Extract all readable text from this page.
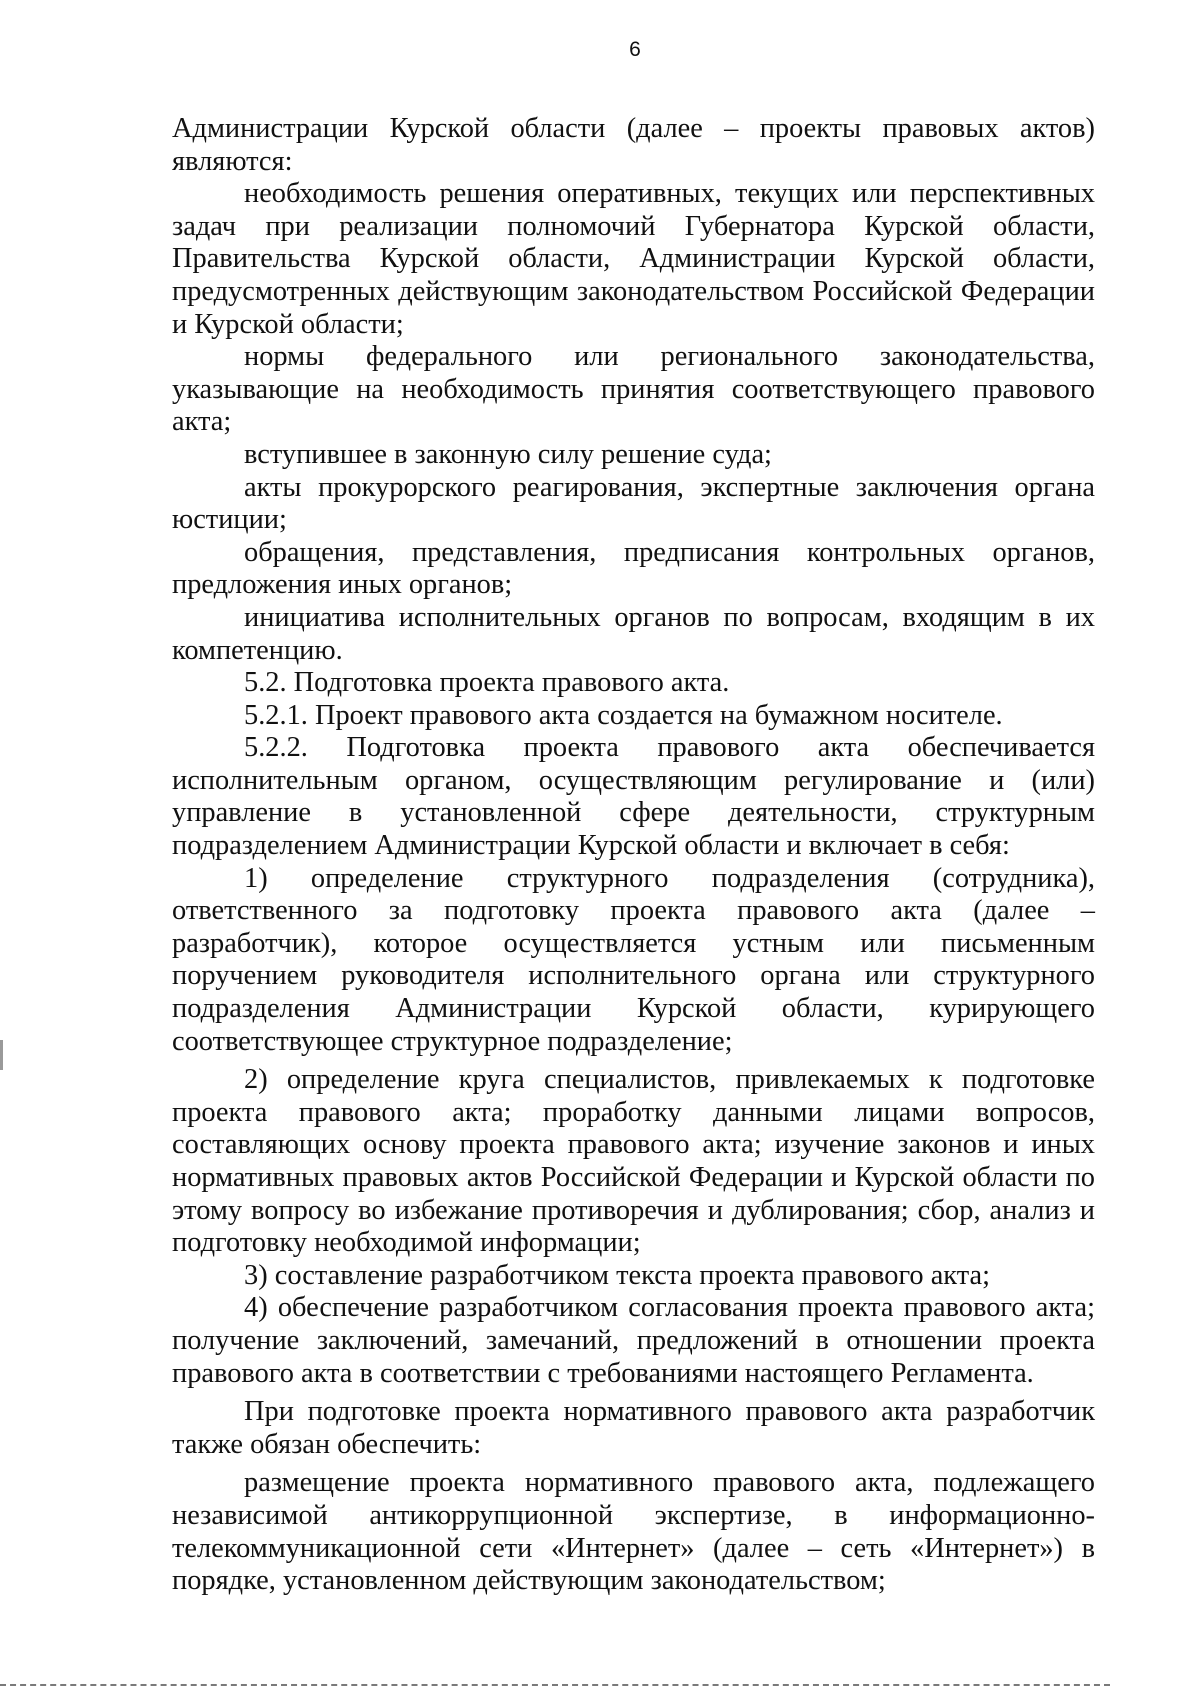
6

Администрации Курской области (далее – проекты правовых актов) являются:

необходимость решения оперативных, текущих или перспективных задач при реализации полномочий Губернатора Курской области, Правительства Курской области, Администрации Курской области, предусмотренных действующим законодательством Российской Федерации и Курской области;

нормы федерального или регионального законодательства, указывающие на необходимость принятия соответствующего правового акта;

вступившее в законную силу решение суда;

акты прокурорского реагирования, экспертные заключения органа юстиции;

обращения, представления, предписания контрольных органов, предложения иных органов;

инициатива исполнительных органов по вопросам, входящим в их компетенцию.

5.2. Подготовка проекта правового акта.

5.2.1. Проект правового акта создается на бумажном носителе.

5.2.2. Подготовка проекта правового акта обеспечивается исполнительным органом, осуществляющим регулирование и (или) управление в установленной сфере деятельности, структурным подразделением Администрации Курской области и включает в себя:

1) определение структурного подразделения (сотрудника), ответственного за подготовку проекта правового акта (далее – разработчик), которое осуществляется устным или письменным поручением руководителя исполнительного органа или структурного подразделения Администрации Курской области, курирующего соответствующее структурное подразделение;

2) определение круга специалистов, привлекаемых к подготовке проекта правового акта; проработку данными лицами вопросов, составляющих основу проекта правового акта; изучение законов и иных нормативных правовых актов Российской Федерации и Курской области по этому вопросу во избежание противоречия и дублирования; сбор, анализ и подготовку необходимой информации;

3) составление разработчиком текста проекта правового акта;

4) обеспечение разработчиком согласования проекта правового акта; получение заключений, замечаний, предложений в отношении проекта правового акта в соответствии с требованиями настоящего Регламента.

При подготовке проекта нормативного правового акта разработчик также обязан обеспечить:

размещение проекта нормативного правового акта, подлежащего независимой антикоррупционной экспертизе, в информационно-телекоммуникационной сети «Интернет» (далее – сеть «Интернет») в порядке, установленном действующим законодательством;
